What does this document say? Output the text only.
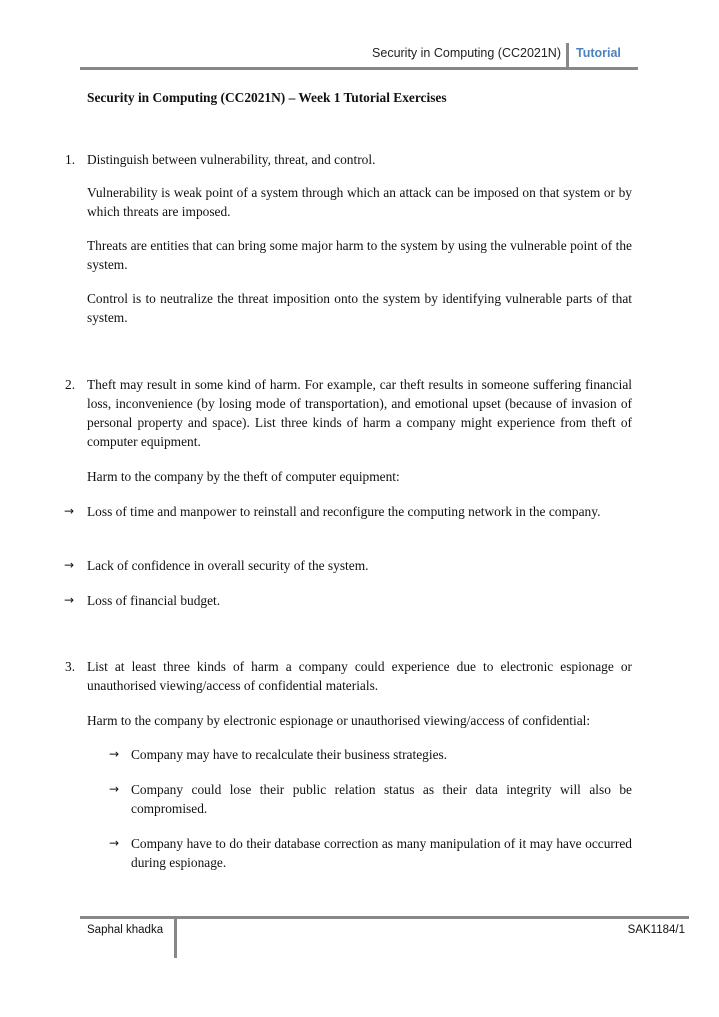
Security in Computing (CC2021N) Tutorial
Security in Computing (CC2021N) – Week 1 Tutorial Exercises
1. Distinguish between vulnerability, threat, and control.
Vulnerability is weak point of a system through which an attack can be imposed on that system or by which threats are imposed.
Threats are entities that can bring some major harm to the system by using the vulnerable point of the system.
Control is to neutralize the threat imposition onto the system by identifying vulnerable parts of that system.
2. Theft may result in some kind of harm. For example, car theft results in someone suffering financial loss, inconvenience (by losing mode of transportation), and emotional upset (because of invasion of personal property and space). List three kinds of harm a company might experience from theft of computer equipment.
Harm to the company by the theft of computer equipment:
→ Loss of time and manpower to reinstall and reconfigure the computing network in the company.
→ Lack of confidence in overall security of the system.
→ Loss of financial budget.
3. List at least three kinds of harm a company could experience due to electronic espionage or unauthorised viewing/access of confidential materials.
Harm to the company by electronic espionage or unauthorised viewing/access of confidential:
→ Company may have to recalculate their business strategies.
→ Company could lose their public relation status as their data integrity will also be compromised.
→ Company have to do their database correction as many manipulation of it may have occurred during espionage.
Saphal khadka	SAK1184/1
